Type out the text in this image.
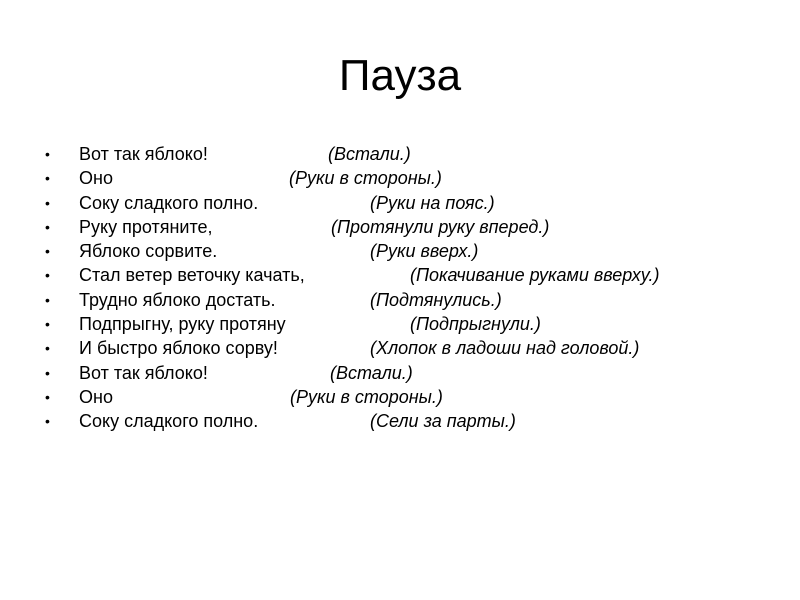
Пауза
•	Вот так яблоко!	(Встали.)
•	Оно	(Руки в стороны.)
•	Соку сладкого полно.	(Руки на пояс.)
•	Руку протяните,	(Протянули руку вперед.)
•	Яблоко сорвите.	(Руки вверх.)
•	Стал ветер веточку качать,	(Покачивание руками вверху.)
•	Трудно яблоко достать.	(Подтянулись.)
•	Подпрыгну, руку протяну	(Подпрыгнули.)
•	И быстро яблоко сорву!	(Хлопок в ладоши над головой.)
•	Вот так яблоко!	(Встали.)
•	Оно	(Руки в стороны.)
•	Соку сладкого полно.	(Сели за парты.)
